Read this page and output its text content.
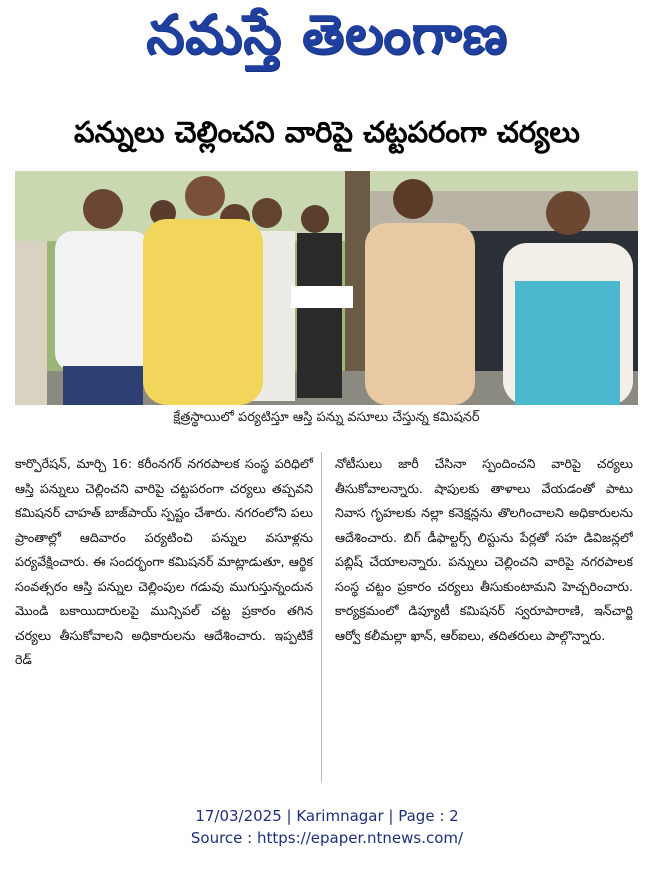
నమస్తే తెలంగాణ
పన్నులు చెల్లించని వారిపై చట్టపరంగా చర్యలు
క్షేత్రస్థాయిలో పర్యటిస్తూ ఆస్తి పన్ను వసూలు చేస్తున్న కమిషనర్
కార్పొరేషన్, మార్చి 16: కరీంనగర్ నగరపాలక సంస్థ పరిధిలో ఆస్తి పన్నులు చెల్లించని వారిపై చట్టపరంగా చర్యలు తప్పవని కమిషనర్ చాహత్ బాజ్‌పాయ్ స్పష్టం చేశారు. నగరంలోని పలు ప్రాంతాల్లో ఆదివారం పర్యటించి పన్నుల వసూళ్లను పర్యవేక్షించారు. ఈ సందర్భంగా కమిషనర్ మాట్లాడుతూ, ఆర్థిక సంవత్సరం ఆస్తి పన్నుల చెల్లింపుల గడువు ముగుస్తున్నందున మొండి బకాయిదారులపై మున్సిపల్ చట్ట ప్రకారం తగిన చర్యలు తీసుకోవాలని అధికారులను ఆదేశించారు. ఇప్పటికే రెడ్
నోటీసులు జారీ చేసినా స్పందించని వారిపై చర్యలు తీసుకోవాలన్నారు. షాపులకు తాళాలు వేయడంతో పాటు నివాస గృహలకు నల్లా కనెక్షన్లను తొలగించాలని అధికారులను ఆదేశించారు. బిగ్ డీఫాల్టర్స్ లిస్టును పేర్లతో సహ డివిజన్లలో పబ్లిష్ చేయాలన్నారు. పన్నులు చెల్లించని వారిపై నగరపాలక సంస్థ చట్టం ప్రకారం చర్యలు తీసుకుంటామని హెచ్చరించారు. కార్యక్రమంలో డిప్యూటీ కమిషనర్ స్వరూపారాణి, ఇన్‌చార్జి ఆర్వో కలీమల్లా ఖాన్, ఆర్ఐలు, తదితరులు పాల్గొన్నారు.
17/03/2025 | Karimnagar | Page : 2
Source : https://epaper.ntnews.com/
